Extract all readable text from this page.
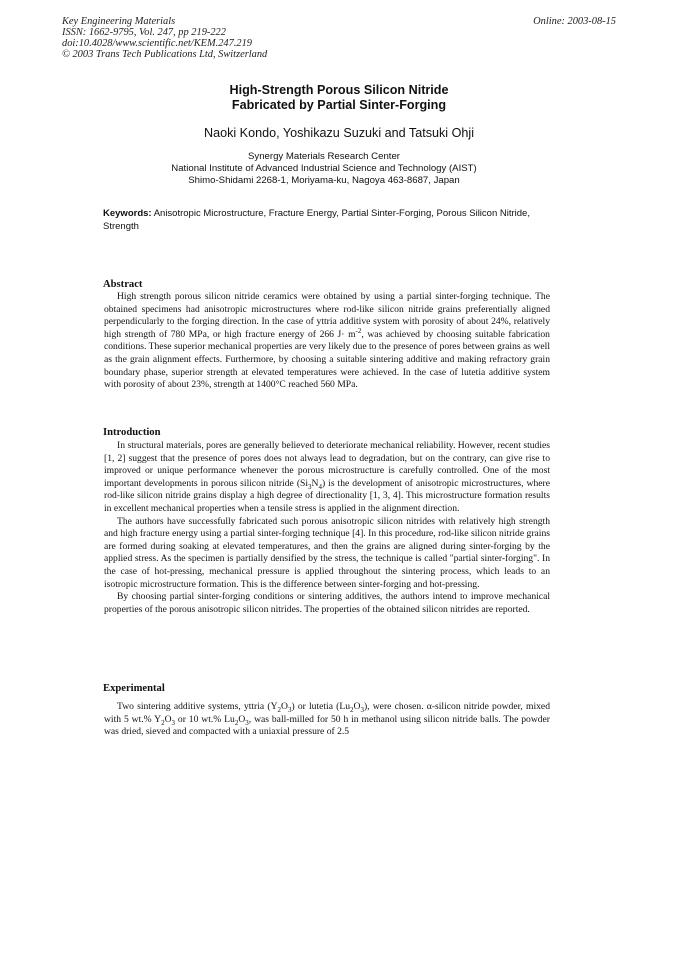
Key Engineering Materials
ISSN: 1662-9795, Vol. 247, pp 219-222
doi:10.4028/www.scientific.net/KEM.247.219
© 2003 Trans Tech Publications Ltd, Switzerland
Online: 2003-08-15
High-Strength Porous Silicon Nitride
Fabricated by Partial Sinter-Forging
Naoki Kondo, Yoshikazu Suzuki and Tatsuki Ohji
Synergy Materials Research Center
National Institute of Advanced Industrial Science and Technology (AIST)
Shimo-Shidami 2268-1, Moriyama-ku, Nagoya 463-8687, Japan
Keywords: Anisotropic Microstructure, Fracture Energy, Partial Sinter-Forging, Porous Silicon Nitride, Strength
Abstract
High strength porous silicon nitride ceramics were obtained by using a partial sinter-forging technique. The obtained specimens had anisotropic microstructures where rod-like silicon nitride grains preferentially aligned perpendicularly to the forging direction. In the case of yttria additive system with porosity of about 24%, relatively high strength of 780 MPa, or high fracture energy of 266 $J\cdot m^{-2}$, was achieved by choosing suitable fabrication conditions. These superior mechanical properties are very likely due to the presence of pores between grains as well as the grain alignment effects. Furthermore, by choosing a suitable sintering additive and making refractory grain boundary phase, superior strength at elevated temperatures were achieved. In the case of lutetia additive system with porosity of about 23%, strength at 1400°C reached 560 MPa.
Introduction

In structural materials, pores are generally believed to deteriorate mechanical reliability. However, recent studies [1, 2] suggest that the presence of pores does not always lead to degradation, but on the contrary, can give rise to improved or unique performance whenever the porous microstructure is carefully controlled. One of the most important developments in porous silicon nitride $(Si_3N_4)$ is the development of anisotropic microstructures, where rod-like silicon nitride grains display a high degree of directionality [1, 3, 4]. This microstructure formation results in excellent mechanical properties when a tensile stress is applied in the alignment direction.

The authors have successfully fabricated such porous anisotropic silicon nitrides with relatively high strength and high fracture energy using a partial sinter-forging technique [4]. In this procedure, rod-like silicon nitride grains are formed during soaking at elevated temperatures, and then the grains are aligned during sinter-forging by the applied stress. As the specimen is partially densified by the stress, the technique is called "partial sinter-forging". In the case of hot-pressing, mechanical pressure is applied throughout the sintering process, which leads to an isotropic microstructure formation. This is the difference between sinter-forging and hot-pressing.

By choosing partial sinter-forging conditions or sintering additives, the authors intend to improve mechanical properties of the porous anisotropic silicon nitrides. The properties of the obtained silicon nitrides are reported.

Experimental
Two sintering additive systems, yttria $(Y_2O_3)$ or lutetia $(Lu_2O_3)$, were chosen. α-silicon nitride powder, mixed with 5 wt.% $Y_2O_3$ or 10 wt.% $Lu_2O_3$, was ball-milled for 50 h in methanol using silicon nitride balls. The powder was dried, sieved and compacted with a uniaxial pressure of 2.5
